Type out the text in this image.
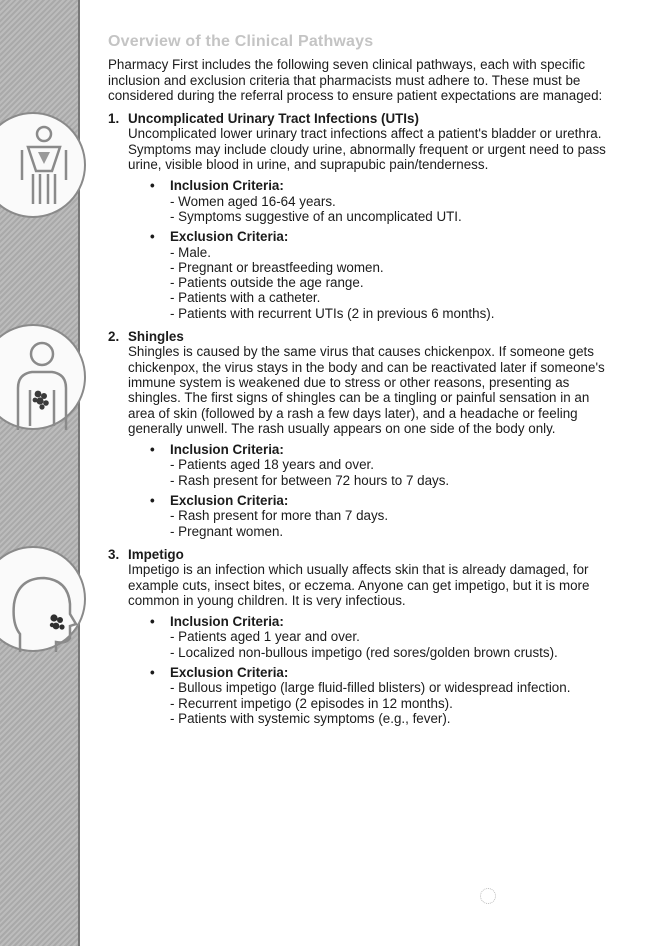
Overview of the Clinical Pathways

Pharmacy First includes the following seven clinical pathways, each with specific inclusion and exclusion criteria that pharmacists must adhere to. These must be considered during the referral process to ensure patient expectations are managed:

1. Uncomplicated Urinary Tract Infections (UTIs)

Uncomplicated lower urinary tract infections affect a patient's bladder or urethra. Symptoms may include cloudy urine, abnormally frequent or urgent need to pass urine, visible blood in urine, and suprapubic pain/tenderness.

•	Inclusion Criteria:
- Women aged 16-64 years.
- Symptoms suggestive of an uncomplicated UTI.
•	Exclusion Criteria:
- Male.
- Pregnant or breastfeeding women.
- Patients outside the age range.
- Patients with a catheter.
- Patients with recurrent UTIs (2 in previous 6 months).
2. Shingles

Shingles is caused by the same virus that causes chickenpox. If someone gets chickenpox, the virus stays in the body and can be reactivated later if someone's immune system is weakened due to stress or other reasons, presenting as shingles. The first signs of shingles can be a tingling or painful sensation in an area of skin (followed by a rash a few days later), and a headache or feeling generally unwell. The rash usually appears on one side of the body only.

•	Inclusion Criteria:
- Patients aged 18 years and over.
- Rash present for between 72 hours to 7 days.
•	Exclusion Criteria:
- Rash present for more than 7 days.
- Pregnant women.
3. Impetigo

Impetigo is an infection which usually affects skin that is already damaged, for example cuts, insect bites, or eczema. Anyone can get impetigo, but it is more common in young children. It is very infectious.

•	Inclusion Criteria:
- Patients aged 1 year and over.
- Localized non-bullous impetigo (red sores/golden brown crusts).
•	Exclusion Criteria:
- Bullous impetigo (large fluid-filled blisters) or widespread infection.
- Recurrent impetigo (2 episodes in 12 months).
- Patients with systemic symptoms (e.g., fever).
